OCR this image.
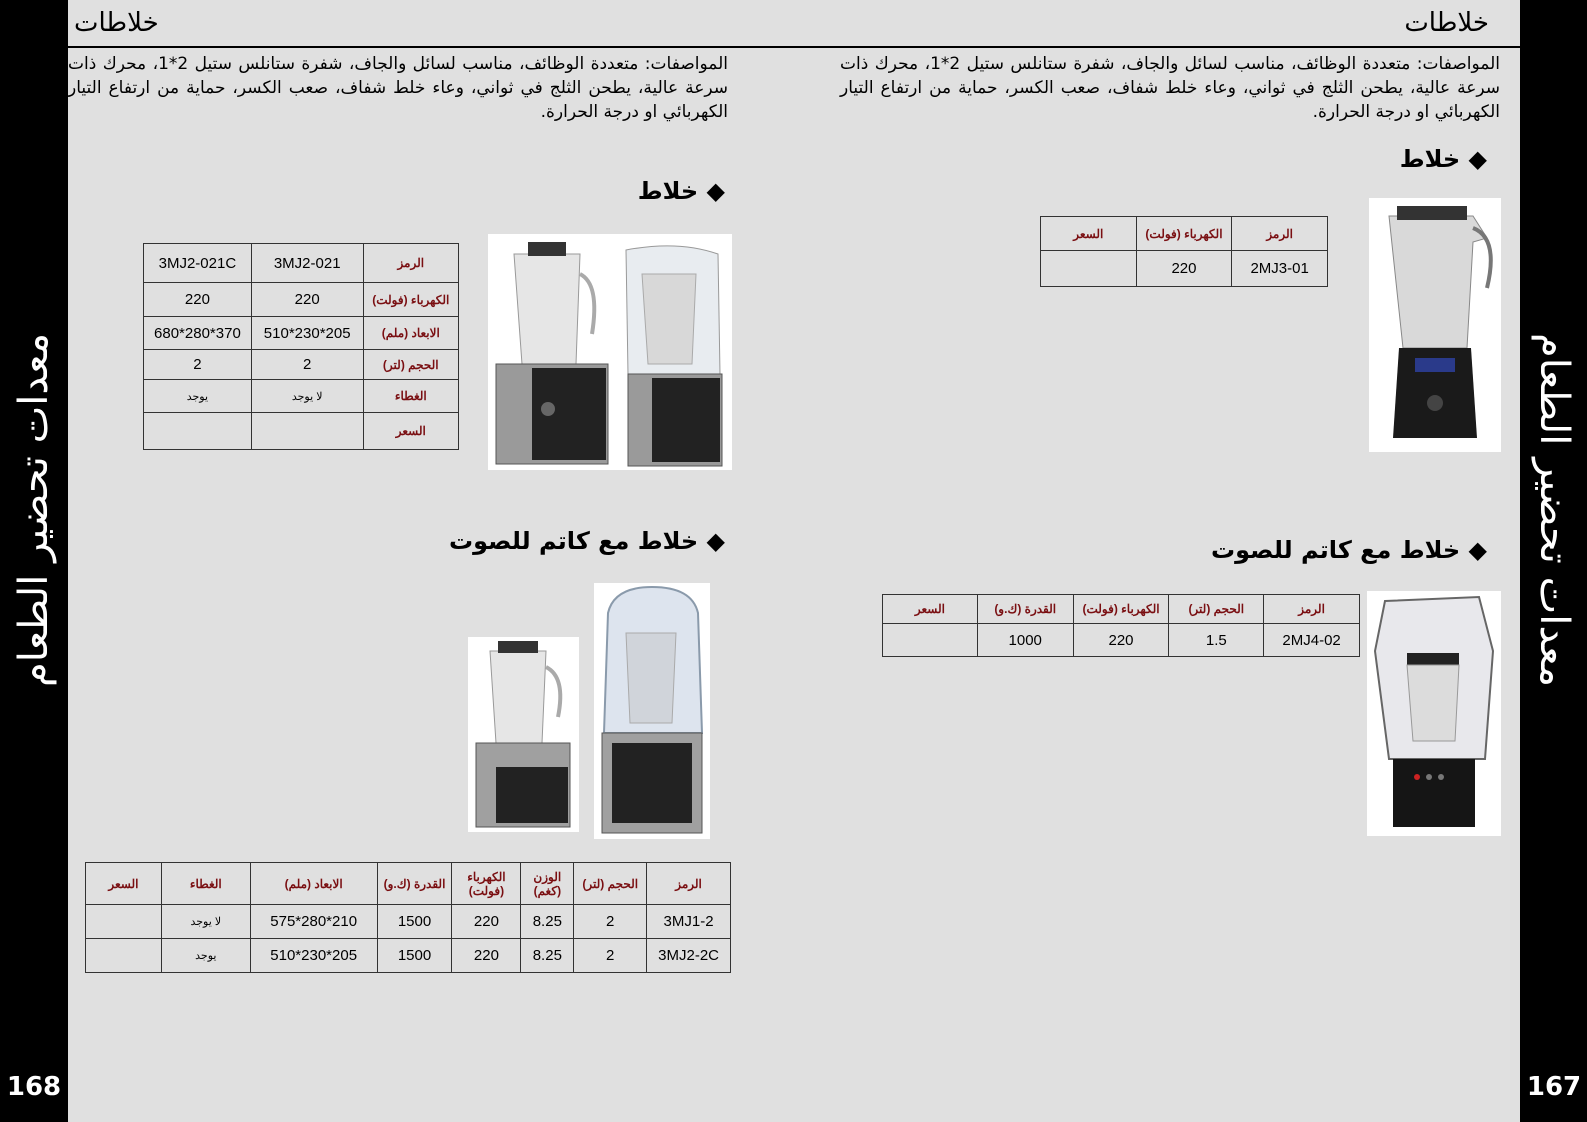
معدات تحضير الطعام
168
معدات تحضير الطعام
167
خلاطات	خلاطات
المواصفات: متعددة الوظائف، مناسب لسائل والجاف، شفرة ستانلس ستيل 2*1، محرك ذات سرعة عالية، يطحن الثلج في ثواني، وعاء خلط شفاف، صعب الكسر، حماية من ارتفاع التيار الكهربائي او درجة الحرارة.
المواصفات: متعددة الوظائف، مناسب لسائل والجاف، شفرة ستانلس ستيل 2*1، محرك ذات سرعة عالية، يطحن الثلج في ثواني، وعاء خلط شفاف، صعب الكسر، حماية من ارتفاع التيار الكهربائي او درجة الحرارة.
◆ خلاط
الرمز	الكهرباء (فولت)	السعر
2MJ3-01	220	
◆ خلاط مع كاتم للصوت
الرمز	الحجم (لتر)	الكهرباء (فولت)	القدرة (ك.و)	السعر
2MJ4-02	1.5	220	1000	
◆ خلاط
الرمز	3MJ2-021	3MJ2-021C
الكهرباء (فولت)	220	220
الابعاد (ملم)	205*230*510	370*280*680
الحجم (لتر)	2	2
الغطاء	لا يوجد	يوجد
السعر		
◆ خلاط مع كاتم للصوت
الرمز	الحجم (لتر)	الوزن (كغم)	الكهرباء (فولت)	القدرة (ك.و)	الابعاد (ملم)	الغطاء	السعر
3MJ1-2	2	8.25	220	1500	210*280*575	لا يوجد	
3MJ2-2C	2	8.25	220	1500	205*230*510	يوجد	
